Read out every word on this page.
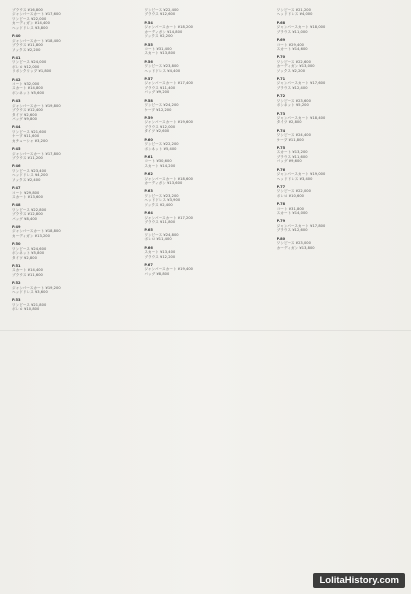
ブラウス ¥16,800
ジャンパースカート ¥17,600
ワンピース ¥22,000
カーディガン ¥14,400
ヘッドドレス ¥3,800
P.40
ジャンパースカート ¥18,400
ブラウス ¥11,800
ソックス ¥2,200
P.41
ワンピース ¥24,000
ボレロ ¥12,000
リボンクリップ ¥1,800
P.42
コート ¥32,000
スカート ¥14,800
ボンネット ¥5,600
P.43
ジャンパースカート ¥19,800
ブラウス ¥12,400
タイツ ¥2,600
バッグ ¥9,800
P.44
ワンピース ¥21,600
ケープ ¥11,600
カチューシャ ¥3,200
P.45
ジャンパースカート ¥17,800
ブラウス ¥11,200
P.46
ワンピース ¥23,400
ヘッドドレス ¥4,200
ソックス ¥2,400
P.47
コート ¥29,800
スカート ¥13,600
P.48
ワンピース ¥22,800
ブラウス ¥12,800
バッグ ¥8,400
P.49
ジャンパースカート ¥18,800
カーディガン ¥13,200
P.50
ワンピース ¥24,600
ボンネット ¥5,800
タイツ ¥2,800
P.51
スカート ¥14,400
ブラウス ¥11,600
P.52
ジャンパースカート ¥19,200
ヘッドドレス ¥3,600
P.53
ワンピース ¥21,800
ボレロ ¥10,800
ワンピース ¥22,400
ブラウス ¥12,600
P.54
ジャンパースカート ¥18,200
カーディガン ¥14,800
ソックス ¥2,200
P.55
コート ¥31,400
スカート ¥13,800
P.56
ワンピース ¥23,800
ヘッドドレス ¥4,400
P.57
ジャンパースカート ¥17,400
ブラウス ¥11,400
バッグ ¥9,200
P.58
ワンピース ¥24,200
ケープ ¥12,200
P.59
ジャンパースカート ¥19,600
ブラウス ¥12,000
タイツ ¥2,600
P.60
ワンピース ¥22,200
ボンネット ¥5,400
P.61
コート ¥30,600
スカート ¥14,200
P.62
ジャンパースカート ¥18,600
カーディガン ¥13,600
P.63
ワンピース ¥23,200
ヘッドドレス ¥3,900
ソックス ¥2,400
P.64
ジャンパースカート ¥17,200
ブラウス ¥11,800
P.65
ワンピース ¥24,800
ボレロ ¥11,400
P.66
スカート ¥13,400
ブラウス ¥12,200
P.67
ジャンパースカート ¥19,400
バッグ ¥8,800
ワンピース ¥21,200
ヘッドドレス ¥4,000
P.68
ジャンパースカート ¥18,000
ブラウス ¥11,000
P.69
コート ¥29,400
スカート ¥14,600
P.70
ワンピース ¥22,600
カーディガン ¥13,000
ソックス ¥2,200
P.71
ジャンパースカート ¥17,600
ブラウス ¥12,400
P.72
ワンピース ¥23,600
ボンネット ¥5,200
P.73
ジャンパースカート ¥18,400
タイツ ¥2,800
P.74
ワンピース ¥24,400
ケープ ¥11,800
P.75
スカート ¥13,200
ブラウス ¥11,600
バッグ ¥9,600
P.76
ジャンパースカート ¥19,000
ヘッドドレス ¥3,400
P.77
ワンピース ¥22,000
ボレロ ¥10,600
P.78
コート ¥31,800
スカート ¥14,000
P.79
ジャンパースカート ¥17,800
ブラウス ¥12,600
P.80
ワンピース ¥23,000
カーディガン ¥13,800
LolitaHistory.com
